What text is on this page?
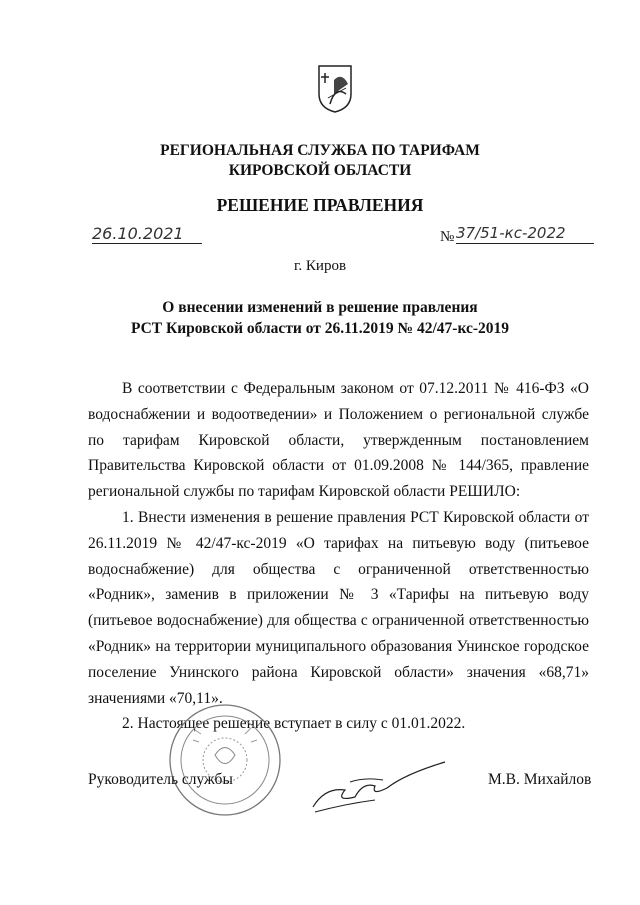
РЕГИОНАЛЬНАЯ СЛУЖБА ПО ТАРИФАМ
КИРОВСКОЙ ОБЛАСТИ
РЕШЕНИЕ ПРАВЛЕНИЯ
26.10.2021	№ 37/51-кс-2022
г. Киров
О внесении изменений в решение правления
РСТ Кировской области от 26.11.2019 № 42/47-кс-2019

В соответствии с Федеральным законом от 07.12.2011 № 416-ФЗ «О водоснабжении и водоотведении» и Положением о региональной службе по тарифам Кировской области, утвержденным постановлением Правительства Кировской области от 01.09.2008 № 144/365, правление региональной службы по тарифам Кировской области РЕШИЛО:

1. Внести изменения в решение правления РСТ Кировской области от 26.11.2019 № 42/47-кс-2019 «О тарифах на питьевую воду (питьевое водоснабжение) для общества с ограниченной ответственностью «Родник», заменив в приложении № 3 «Тарифы на питьевую воду (питьевое водоснабжение) для общества с ограниченной ответственностью «Родник» на территории муниципального образования Унинское городское поселение Унинского района Кировской области» значения «68,71» значениями «70,11».

2. Настоящее решение вступает в силу с 01.01.2022.

Руководитель службы	М.В. Михайлов
